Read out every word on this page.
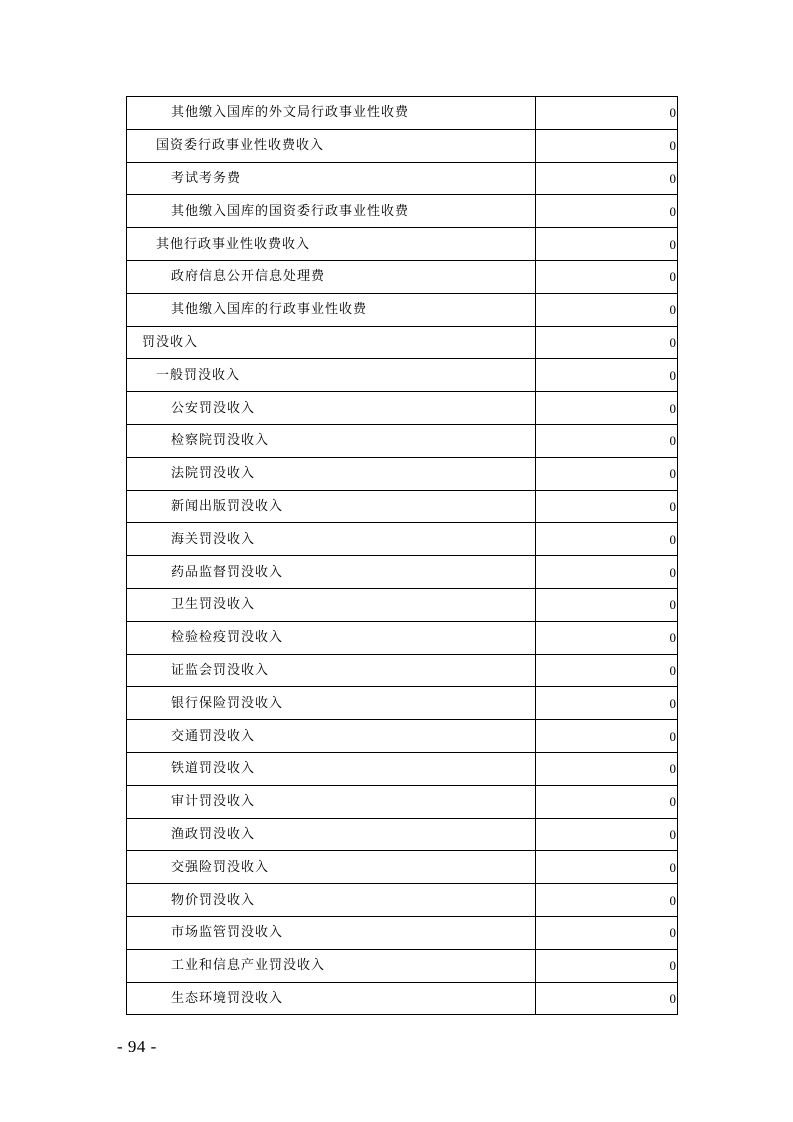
其他缴入国库的外文局行政事业性收费	0
国资委行政事业性收费收入	0
考试考务费	0
其他缴入国库的国资委行政事业性收费	0
其他行政事业性收费收入	0
政府信息公开信息处理费	0
其他缴入国库的行政事业性收费	0
罚没收入	0
一般罚没收入	0
公安罚没收入	0
检察院罚没收入	0
法院罚没收入	0
新闻出版罚没收入	0
海关罚没收入	0
药品监督罚没收入	0
卫生罚没收入	0
检验检疫罚没收入	0
证监会罚没收入	0
银行保险罚没收入	0
交通罚没收入	0
铁道罚没收入	0
审计罚没收入	0
渔政罚没收入	0
交强险罚没收入	0
物价罚没收入	0
市场监管罚没收入	0
工业和信息产业罚没收入	0
生态环境罚没收入	0
- 94 -
